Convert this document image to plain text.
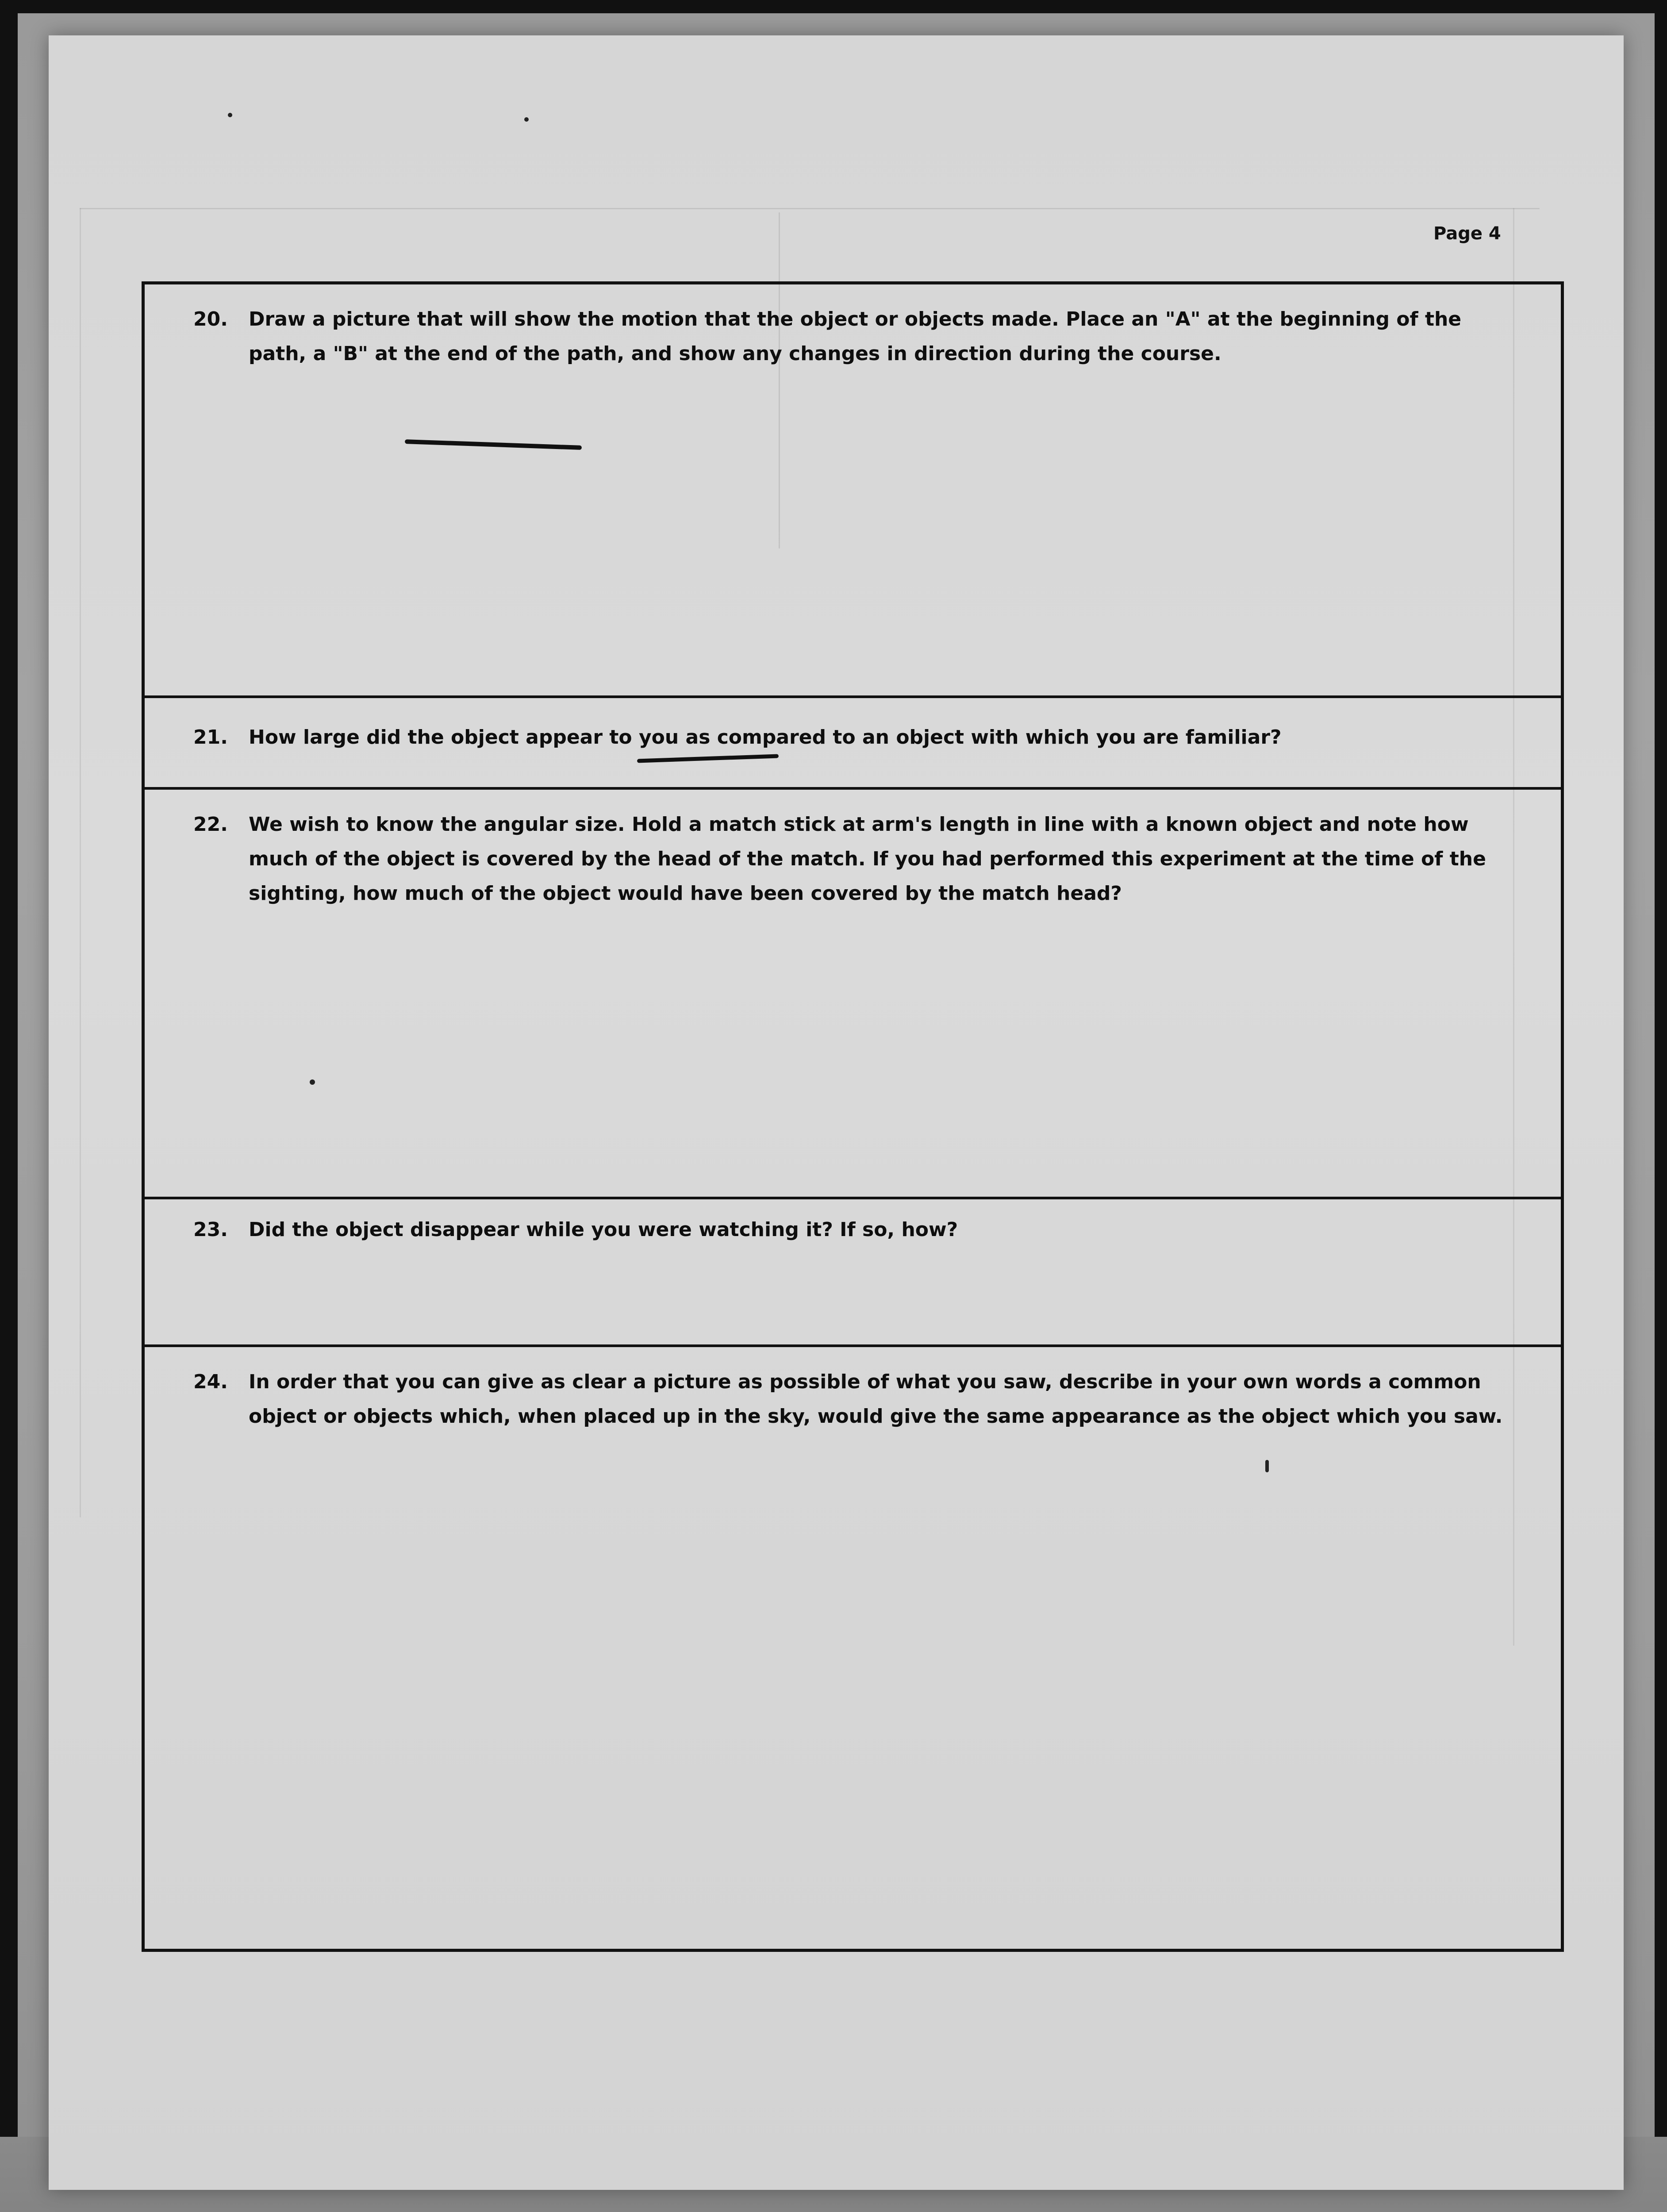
Page 4
20.	Draw a picture that will show the motion that the object or objects made. Place an "A" at the beginning of the path, a "B" at the end of the path, and show any changes in direction during the course.
21.	How large did the object appear to you as compared to an object with which you are familiar?
22.	We wish to know the angular size. Hold a match stick at arm's length in line with a known object and note how much of the object is covered by the head of the match. If you had performed this experiment at the time of the sighting, how much of the object would have been covered by the match head?
23.	Did the object disappear while you were watching it? If so, how?
24.	In order that you can give as clear a picture as possible of what you saw, describe in your own words a common object or objects which, when placed up in the sky, would give the same appearance as the object which you saw.
